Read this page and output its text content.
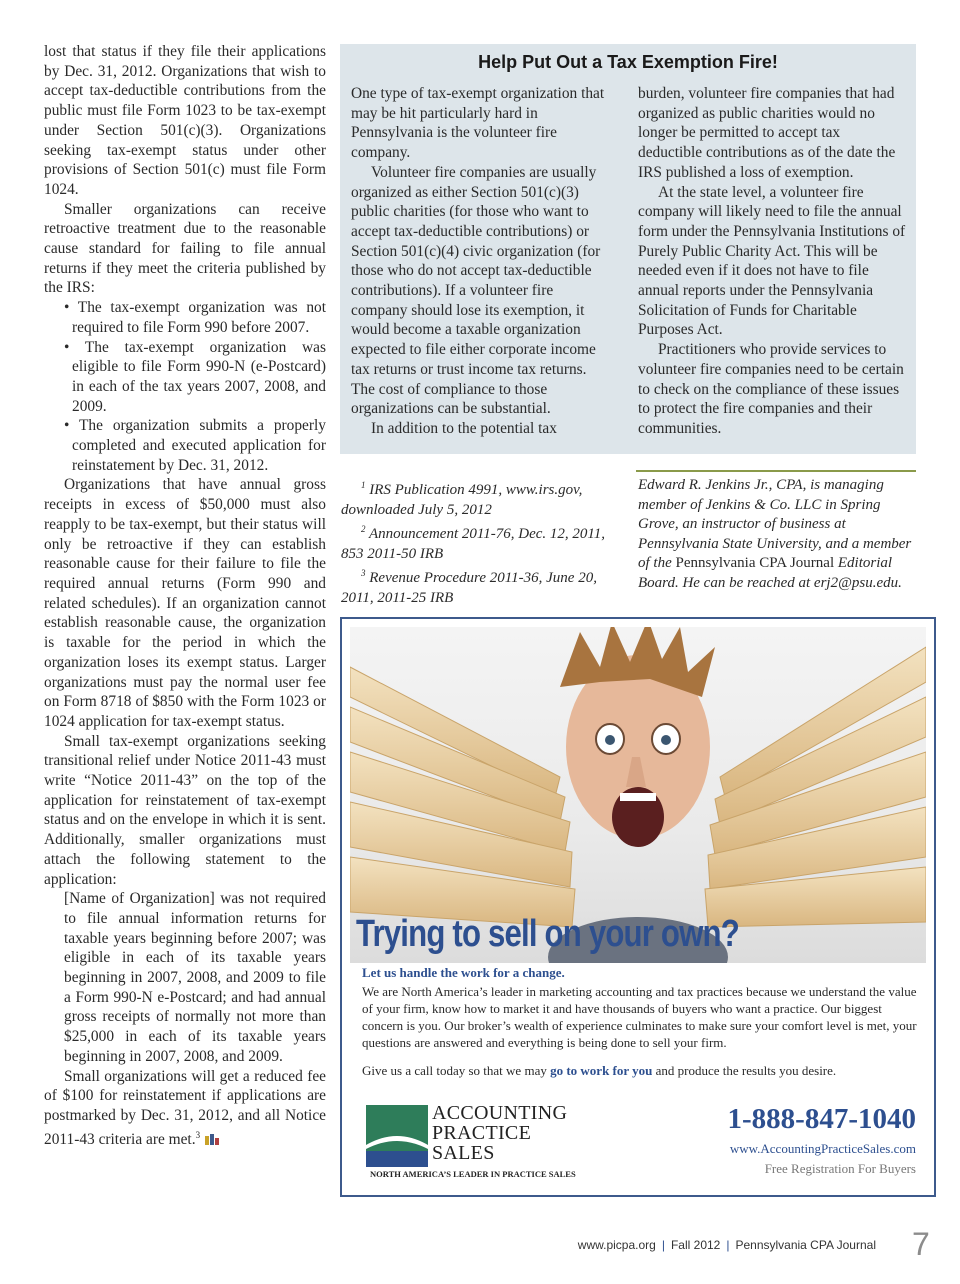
lost that status if they file their applications by Dec. 31, 2012. Organizations that wish to accept tax-deductible contributions from the public must file Form 1023 to be tax-exempt under Section 501(c)(3). Organizations seeking tax-exempt status under other provisions of Section 501(c) must file Form 1024.

Smaller organizations can receive retroactive treatment due to the reasonable cause standard for failing to file annual returns if they meet the criteria published by the IRS:

• The tax-exempt organization was not required to file Form 990 before 2007.

• The tax-exempt organization was eligible to file Form 990-N (e-Postcard) in each of the tax years 2007, 2008, and 2009.

• The organization submits a properly completed and executed application for reinstatement by Dec. 31, 2012.

Organizations that have annual gross receipts in excess of $50,000 must also reapply to be tax-exempt, but their status will only be retroactive if they can establish reasonable cause for their failure to file the required annual returns (Form 990 and related schedules). If an organization cannot establish reasonable cause, the organization is taxable for the period in which the organization loses its exempt status. Larger organizations must pay the normal user fee on Form 8718 of $850 with the Form 1023 or 1024 application for tax-exempt status.

Small tax-exempt organizations seeking transitional relief under Notice 2011-43 must write “Notice 2011-43” on the top of the application for reinstatement of tax-exempt status and on the envelope in which it is sent. Additionally, smaller organizations must attach the following statement to the application:

[Name of Organization] was not required to file annual information returns for taxable years beginning before 2007; was eligible in each of its taxable years beginning in 2007, 2008, and 2009 to file a Form 990-N e-Postcard; and had annual gross receipts of normally not more than $25,000 in each of its taxable years beginning in 2007, 2008, and 2009.

Small organizations will get a reduced fee of $100 for reinstatement if applications are postmarked by Dec. 31, 2012, and all Notice 2011-43 criteria are met.$^3$

Help Put Out a Tax Exemption Fire!

One type of tax-exempt organization that may be hit particularly hard in Pennsylvania is the volunteer fire company.

Volunteer fire companies are usually organized as either Section 501(c)(3) public charities (for those who want to accept tax-deductible contributions) or Section 501(c)(4) civic organization (for those who do not accept tax-deductible contributions). If a volunteer fire company should lose its exemption, it would become a taxable organization expected to file either corporate income tax returns or trust income tax returns. The cost of compliance to those organizations can be substantial.

In addition to the potential tax

burden, volunteer fire companies that had organized as public charities would no longer be permitted to accept tax deductible contributions as of the date the IRS published a loss of exemption.

At the state level, a volunteer fire company will likely need to file the annual form under the Pennsylvania Institutions of Purely Public Charity Act. This will be needed even if it does not have to file annual reports under the Pennsylvania Solicitation of Funds for Charitable Purposes Act.

Practitioners who provide services to volunteer fire companies need to be certain to check on the compliance of these issues to protect the fire companies and their communities.

$^1$ IRS Publication 4991, www.irs.gov, downloaded July 5, 2012

$^2$ Announcement 2011-76, Dec. 12, 2011, 853 2011-50 IRB

$^3$ Revenue Procedure 2011-36, June 20, 2011, 2011-25 IRB

Edward R. Jenkins Jr., CPA, is managing member of Jenkins & Co. LLC in Spring Grove, an instructor of business at Pennsylvania State University, and a member of the Pennsylvania CPA Journal Editorial Board. He can be reached at erj2@psu.edu.
Trying to sell on your own?
Let us handle the work for a change.

We are North America’s leader in marketing accounting and tax practices because we understand the value of your firm, know how to market it and have thousands of buyers who want a practice. Our biggest concern is you. Our broker’s wealth of experience culminates to make sure your comfort level is met, your questions are answered and everything is being done to sell your firm.

Give us a call today so that we may go to work for you and produce the results you desire.
ACCOUNTING
PRACTICE
SALES
NORTH AMERICA’S LEADER IN PRACTICE SALES
1-888-847-1040
www.AccountingPracticeSales.com
Free Registration For Buyers
www.picpa.org | Fall 2012 | Pennsylvania CPA Journal 7
